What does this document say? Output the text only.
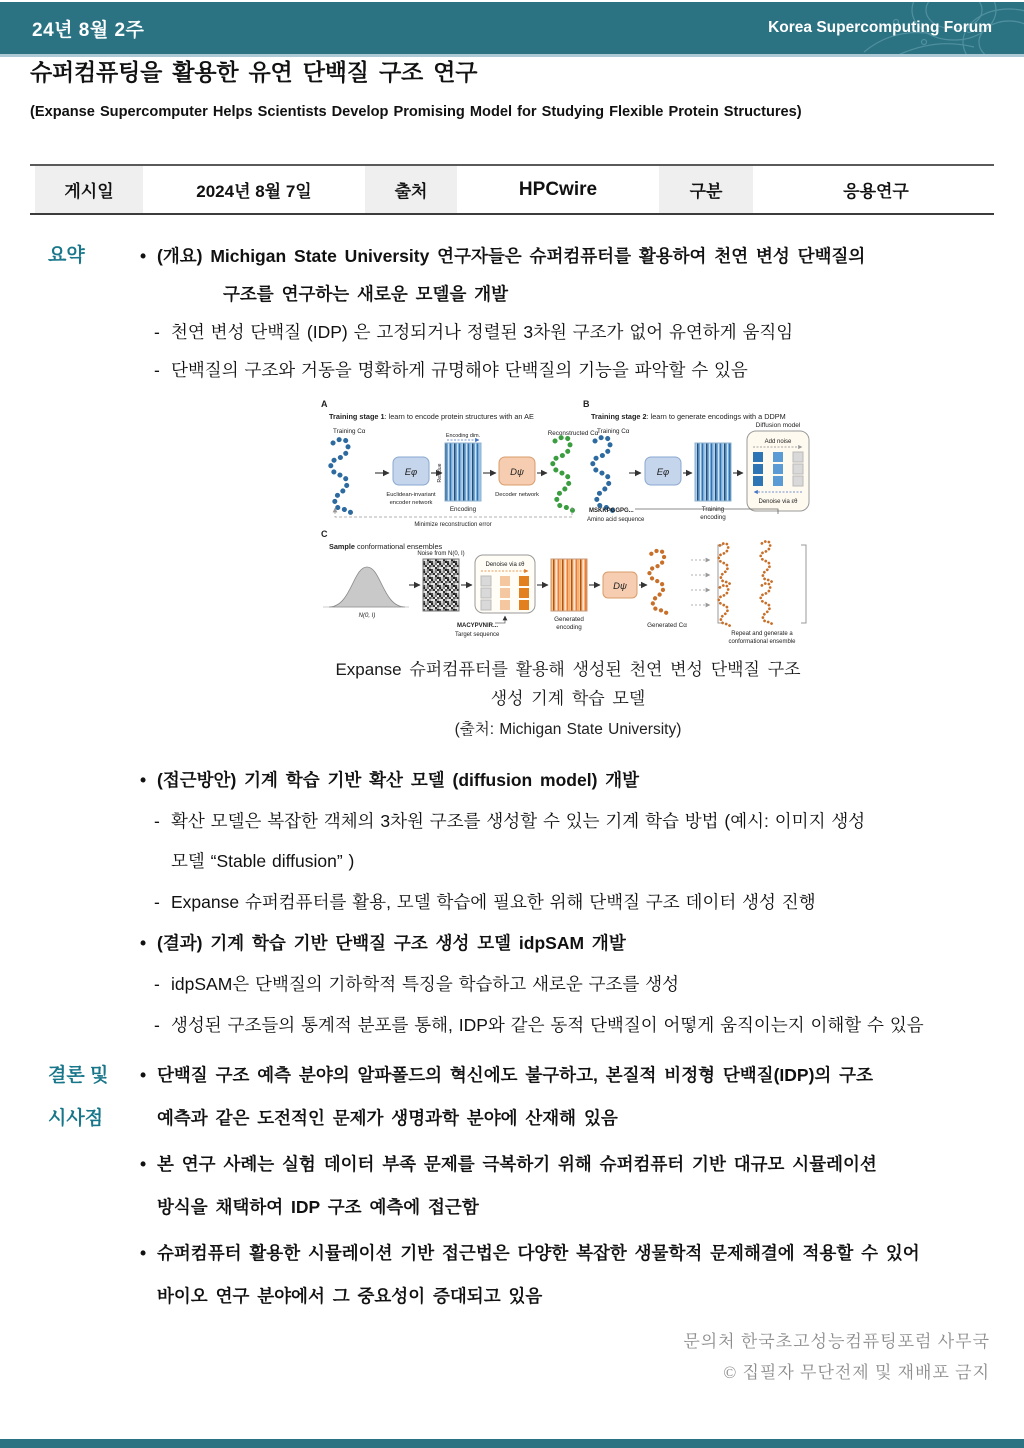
24년 8월 2주	Korea Supercomputing Forum
슈퍼컴퓨팅을 활용한 유연 단백질 구조 연구
(Expanse Supercomputer Helps Scientists Develop Promising Model for Studying Flexible Protein Structures)
게시일	2024년 8월 7일	출처	HPCwire	구분	응용연구
요약	• (개요) Michigan State University 연구자들은 슈퍼컴퓨터를 활용하여 천연 변성 단백질의
구조를 연구하는 새로운 모델을 개발
- 천연 변성 단백질 (IDP) 은 고정되거나 정렬된 3차원 구조가 없어 유연하게 움직임
- 단백질의 구조와 거동을 명확하게 규명해야 단백질의 기능을 파악할 수 있음
A
Training stage 1: learn to encode protein structures with an AE
Training Cα
Eφ
Euclidean-invariant
encoder network
Encoding dim.
Residue
Encoding
Dψ
Decoder network
Reconstructed Cα
Minimize reconstruction error
B
Training stage 2: learn to generate encodings with a DDPM
Training Cα
Eφ
Training
encoding
Diffusion model
Add noise
Denoise via εθ
MSKKPGGPG...
Amino acid sequence
C
Sample conformational ensembles
N(0, I)
Noise from N(0, I)
Denoise via εθ
MACYPVNIR...
Target sequence
Generated
encoding
Dψ
Generated Cα
Repeat and generate a
conformational ensemble
Expanse 슈퍼컴퓨터를 활용해 생성된 천연 변성 단백질 구조
생성 기계 학습 모델
(출처: Michigan State University)
• (접근방안) 기계 학습 기반 확산 모델 (diffusion model) 개발
- 확산 모델은 복잡한 객체의 3차원 구조를 생성할 수 있는 기계 학습 방법 (예시: 이미지 생성
모델 “Stable diffusion” )
- Expanse 슈퍼컴퓨터를 활용, 모델 학습에 필요한 위해 단백질 구조 데이터 생성 진행
• (결과) 기계 학습 기반 단백질 구조 생성 모델 idpSAM 개발
- idpSAM은 단백질의 기하학적 특징을 학습하고 새로운 구조를 생성
- 생성된 구조들의 통계적 분포를 통해, IDP와 같은 동적 단백질이 어떻게 움직이는지 이해할 수 있음
결론 및
시사점
• 단백질 구조 예측 분야의 알파폴드의 혁신에도 불구하고, 본질적 비정형 단백질(IDP)의 구조
예측과 같은 도전적인 문제가 생명과학 분야에 산재해 있음
• 본 연구 사례는 실험 데이터 부족 문제를 극복하기 위해 슈퍼컴퓨터 기반 대규모 시뮬레이션
방식을 채택하여 IDP 구조 예측에 접근함
• 슈퍼컴퓨터 활용한 시뮬레이션 기반 접근법은 다양한 복잡한 생물학적 문제해결에 적용할 수 있어
바이오 연구 분야에서 그 중요성이 증대되고 있음
문의처 한국초고성능컴퓨팅포럼 사무국
© 집필자 무단전제 및 재배포 금지
